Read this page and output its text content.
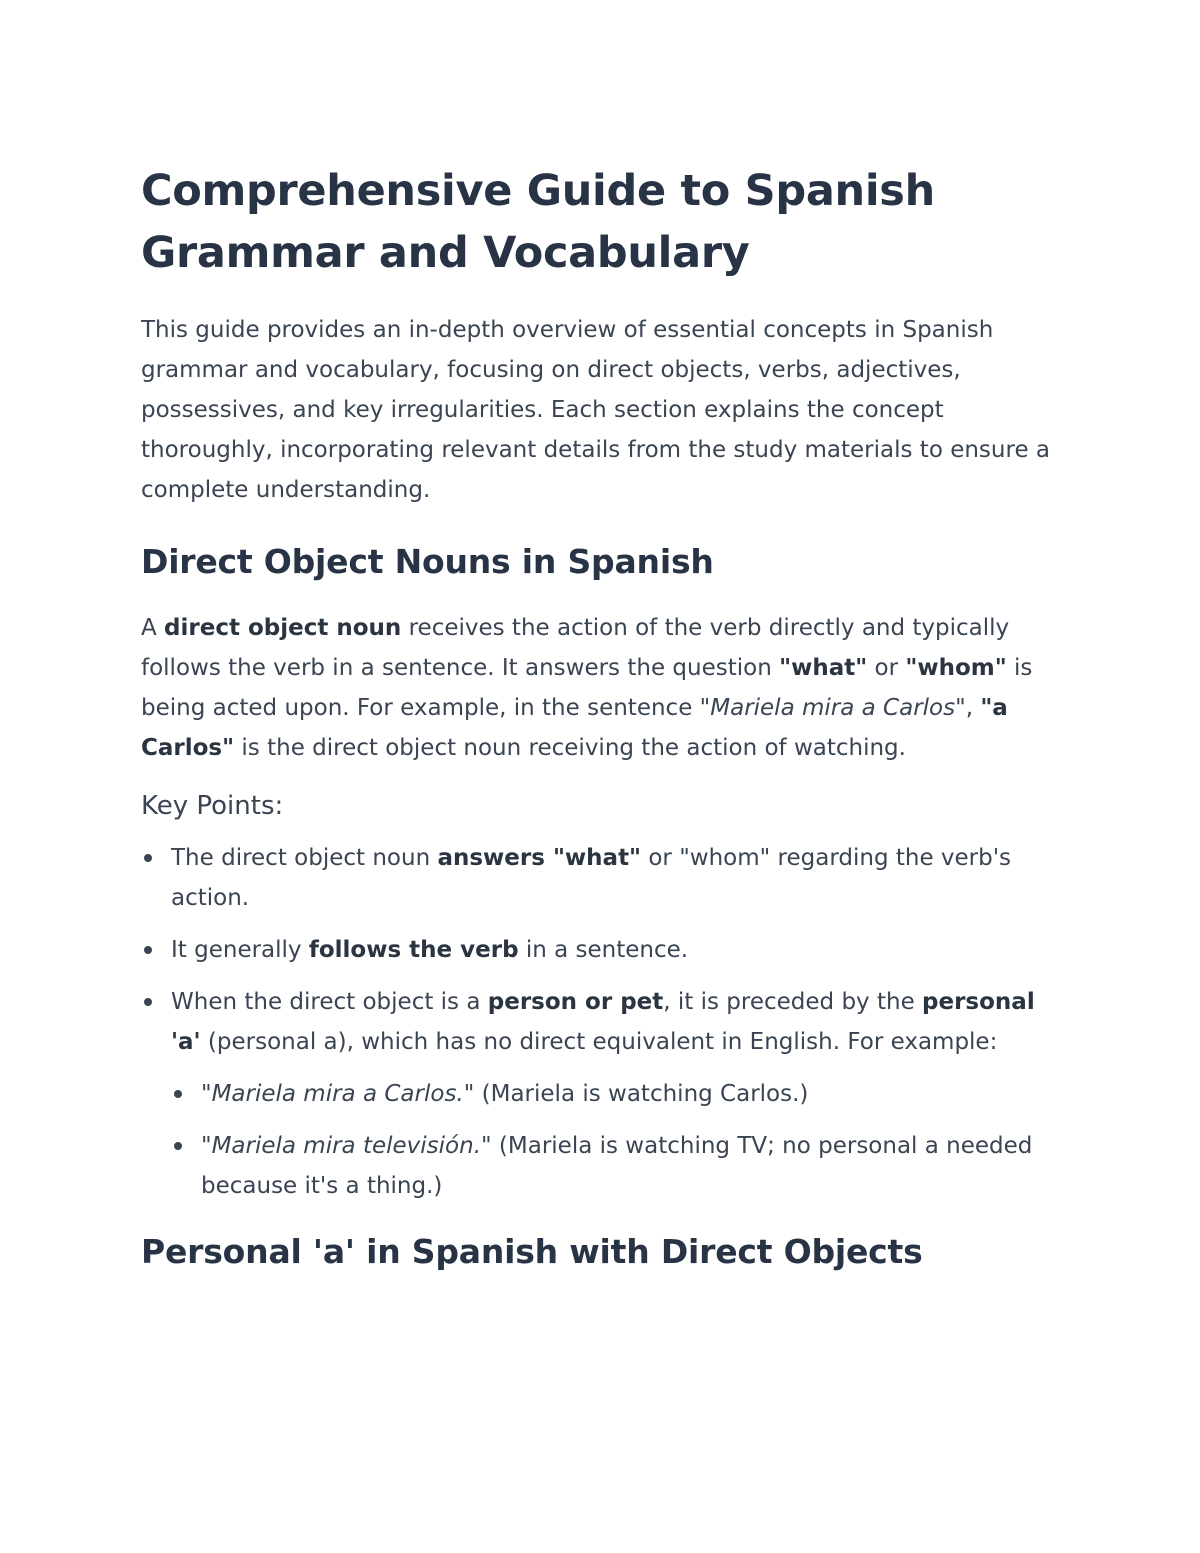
Comprehensive Guide to Spanish Grammar and Vocabulary

This guide provides an in-depth overview of essential concepts in Spanish grammar and vocabulary, focusing on direct objects, verbs, adjectives, possessives, and key irregularities. Each section explains the concept thoroughly, incorporating relevant details from the study materials to ensure a complete understanding.

Direct Object Nouns in Spanish

A direct object noun receives the action of the verb directly and typically follows the verb in a sentence. It answers the question "what" or "whom" is being acted upon. For example, in the sentence "Mariela mira a Carlos", "a Carlos" is the direct object noun receiving the action of watching.

Key Points:
The direct object noun answers "what" or "whom" regarding the verb's action.
It generally follows the verb in a sentence.
When the direct object is a person or pet, it is preceded by the personal 'a' (personal a), which has no direct equivalent in English. For example:
"Mariela mira a Carlos." (Mariela is watching Carlos.)
"Mariela mira televisión." (Mariela is watching TV; no personal a needed because it's a thing.)
Personal 'a' in Spanish with Direct Objects
